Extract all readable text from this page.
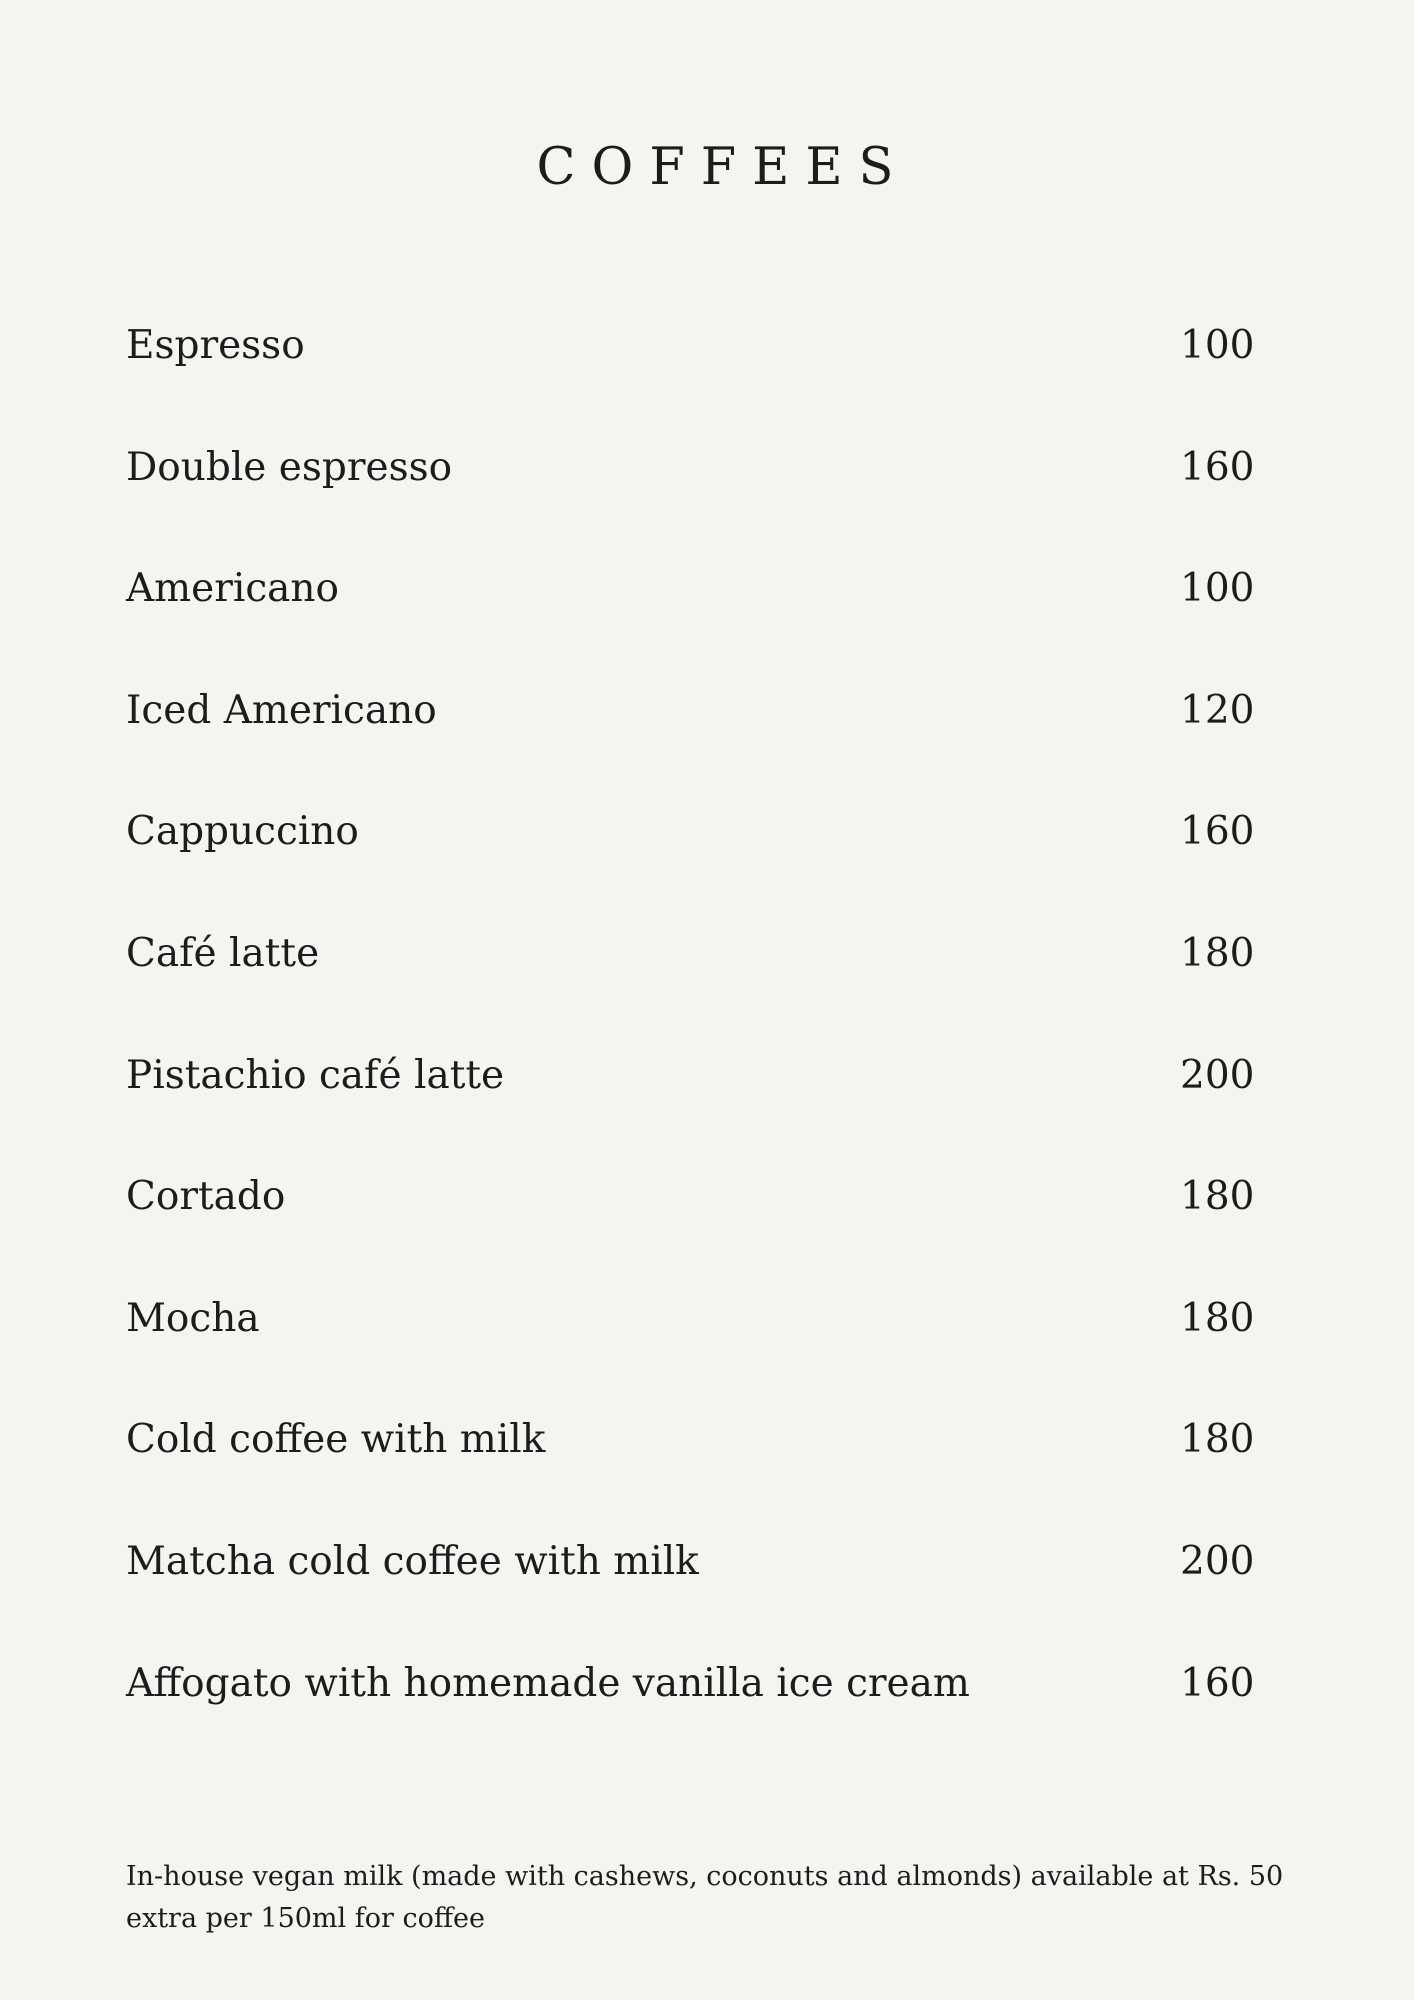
COFFEES
Espresso	100
Double espresso	160
Americano	100
Iced Americano	120
Cappuccino	160
Café latte	180
Pistachio café latte	200
Cortado	180
Mocha	180
Cold coffee with milk	180
Matcha cold coffee with milk	200
Affogato with homemade vanilla ice cream	160

In-house vegan milk (made with cashews, coconuts and almonds) available at Rs. 50 extra per 150ml for coffee
